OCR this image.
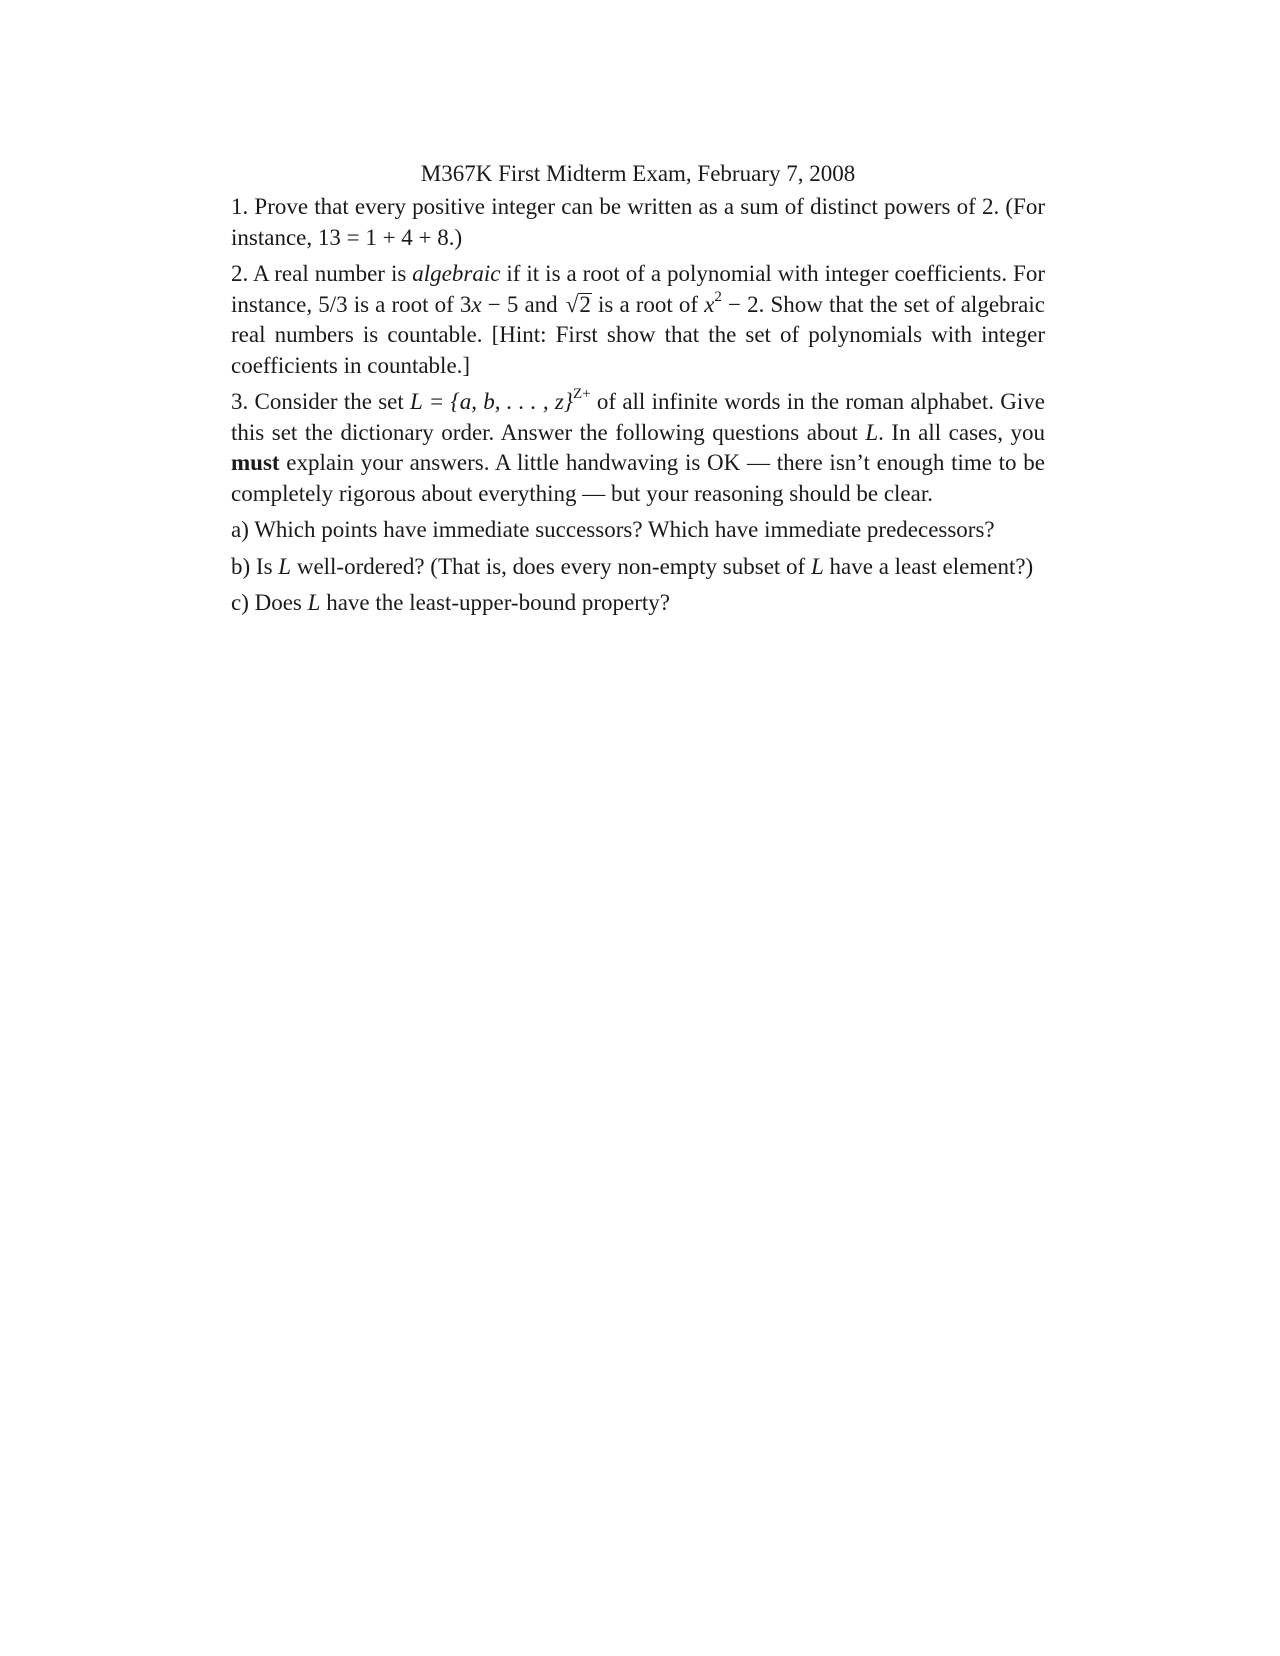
M367K First Midterm Exam, February 7, 2008

1. Prove that every positive integer can be written as a sum of distinct powers of 2. (For instance, 13 = 1 + 4 + 8.)

2. A real number is algebraic if it is a root of a polynomial with integer coefficients. For instance, 5/3 is a root of 3x − 5 and √2 is a root of $x^2 - 2$. Show that the set of algebraic real numbers is countable. [Hint: First show that the set of polynomials with integer coefficients in countable.]

3. Consider the set L = {a, b, . . . , z}$^{Z+}$ of all infinite words in the roman alphabet. Give this set the dictionary order. Answer the following questions about L. In all cases, you must explain your answers. A little handwaving is OK — there isn’t enough time to be completely rigorous about everything — but your reasoning should be clear.

a) Which points have immediate successors? Which have immediate predecessors?

b) Is L well-ordered? (That is, does every non-empty subset of L have a least element?)

c) Does L have the least-upper-bound property?
